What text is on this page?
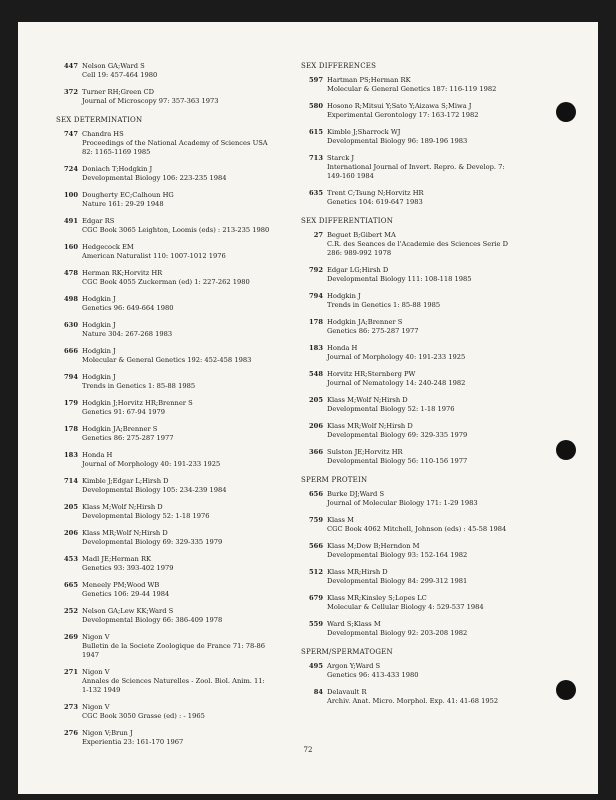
447 Nelson GA;Ward S
Cell 19: 457-464 1980
372 Turner RH;Green CD
Journal of Microscopy 97: 357-363 1973
SEX DETERMINATION
747 Chandra HS
Proceedings of the National Academy of Sciences USA
82: 1165-1169 1985
724 Doniach T;Hodgkin J
Developmental Biology 106: 223-235 1984
100 Dougherty EC;Calhoun HG
Nature 161: 29-29 1948
491 Edgar RS
CGC Book 3065 Leighton, Loomis (eds) : 213-235 1980
160 Hedgecock EM
American Naturalist 110: 1007-1012 1976
478 Herman RK;Horvitz HR
CGC Book 4055 Zuckerman (ed) 1: 227-262 1980
498 Hodgkin J
Genetics 96: 649-664 1980
630 Hodgkin J
Nature 304: 267-268 1983
666 Hodgkin J
Molecular & General Genetics 192: 452-458 1983
794 Hodgkin J
Trends in Genetics 1: 85-88 1985
179 Hodgkin J;Horvitz HR;Brenner S
Genetics 91: 67-94 1979
178 Hodgkin JA;Brenner S
Genetics 86: 275-287 1977
183 Honda H
Journal of Morphology 40: 191-233 1925
714 Kimble J;Edgar L;Hirsh D
Developmental Biology 105: 234-239 1984
205 Klass M;Wolf N;Hirsh D
Developmental Biology 52: 1-18 1976
206 Klass MR;Wolf N;Hirsh D
Developmental Biology 69: 329-335 1979
453 Madl JE;Herman RK
Genetics 93: 393-402 1979
665 Meneely PM;Wood WB
Genetics 106: 29-44 1984
252 Nelson GA;Lew KK;Ward S
Developmental Biology 66: 386-409 1978
269 Nigon V
Bulletin de la Societe Zoologique de France 71: 78-86
1947
271 Nigon V
Annales de Sciences Naturelles - Zool. Biol. Anim. 11:
1-132 1949
273 Nigon V
CGC Book 3050 Grasse (ed) : - 1965
276 Nigon V;Brun J
Experientia 23: 161-170 1967
SEX DIFFERENCES
597 Hartman PS;Herman RK
Molecular & General Genetics 187: 116-119 1982
580 Hosono R;Mitsui Y;Sato Y;Aizawa S;Miwa J
Experimental Gerontology 17: 163-172 1982
615 Kimble J;Sharrock WJ
Developmental Biology 96: 189-196 1983
713 Starck J
International Journal of Invert. Repro. & Develop. 7:
149-160 1984
635 Trent C;Tsung N;Horvitz HR
Genetics 104: 619-647 1983
SEX DIFFERENTIATION
27 Beguet B;Gibert MA
C.R. des Seances de l'Academie des Sciences Serie D
286: 989-992 1978
792 Edgar LG;Hirsh D
Developmental Biology 111: 108-118 1985
794 Hodgkin J
Trends in Genetics 1: 85-88 1985
178 Hodgkin JA;Brenner S
Genetics 86: 275-287 1977
183 Honda H
Journal of Morphology 40: 191-233 1925
548 Horvitz HR;Sternberg PW
Journal of Nematology 14: 240-248 1982
205 Klass M;Wolf N;Hirsh D
Developmental Biology 52: 1-18 1976
206 Klass MR;Wolf N;Hirsh D
Developmental Biology 69: 329-335 1979
366 Sulston JE;Horvitz HR
Developmental Biology 56: 110-156 1977
SPERM PROTEIN
656 Burke DJ;Ward S
Journal of Molecular Biology 171: 1-29 1983
759 Klass M
CGC Book 4062 Mitchell, Johnson (eds) : 45-58 1984
566 Klass M;Dow B;Herndon M
Developmental Biology 93: 152-164 1982
512 Klass MR;Hirsh D
Developmental Biology 84: 299-312 1981
679 Klass MR;Kinsley S;Lopes LC
Molecular & Cellular Biology 4: 529-537 1984
559 Ward S;Klass M
Developmental Biology 92: 203-208 1982
SPERM/SPERMATOGEN
495 Argon Y;Ward S
Genetics 96: 413-433 1980
84 Delavault R
Archiv. Anat. Micro. Morphol. Exp. 41: 41-68 1952
72
